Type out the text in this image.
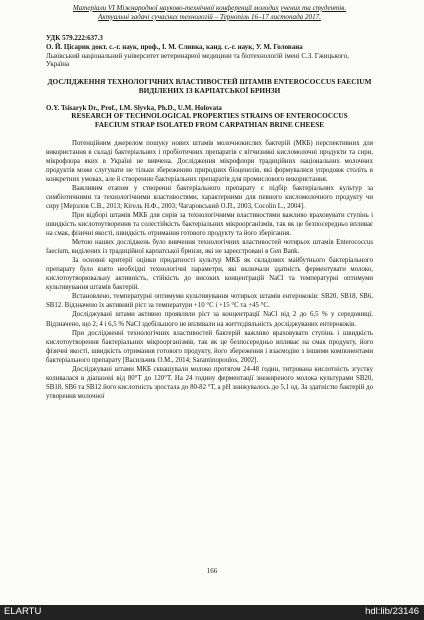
Матеріали VI Міжнародної науково-технічної конференції молодих учених та студентів.
Актуальні задачі сучасних технологій – Тернопіль 16–17 листопада 2017.
УДК 579.222:637.3
О. Й. Цісарик докт. с.-г. наук, проф., І. М. Сливка, канд. с.-г. наук, У. М. Голована
Львівський національний університет ветеринарної медицини та біотехнологій імені С.З. Гжицького, Україна
ДОСЛІДЖЕННЯ ТЕХНОЛОГІЧНИХ ВЛАСТИВОСТЕЙ ШТАМІВ ENTEROCOCCUS FAECIUM ВИДІЛЕНИХ ІЗ КАРПАТСЬКОЇ БРИНЗИ
O.Y. Tsisaryk Dr., Prof., I.M. Slyvka, Ph.D., U.M. Holovata
RESEARCH OF TECHNOLOGICAL PROPERTIES STRAINS OF ENTEROCOCCUS FAECIUM STRAP ISOLATED FROM CARPATHIAN BRINE CHEESE

Потенційним джерелом пошуку нових штамів молочнокислих бактерій (МКБ) перспективних для використання в складі бактеріальних і пробіотичних препаратів є вітчизняні кисломолочні продукти та сири, мікрофлора яких в Україні не вивчена. Дослідження мікрофлори традиційних національних молочних продуктів може слугувати не тільки збереженню природних біоценозів, які формувалися упродовж століть в конкретних умовах, але й створенню бактеріальних препаратів для промислового використання.

Важливим етапом у створенні бактеріального препарату є підбір бактеріальних культур за симбіотичними та технологічними властивостями, характерними для певного кисломолочного продукту чи сиру [Мерзлов С.В., 2013; Кігель Н.Ф., 2003; Чагаровський О.П., 2003, Cocolin L., 2004].

При відборі штамів МКБ для сирів за технологічними властивостями важливо враховувати ступінь і швидкість кислотоутворення та солестійкість бактеріальних мікроорганізмів, так як це безпосередньо впливає на смак, фізичні якості, швидкість отримання готового продукту та його зберігання.

Метою наших досліджень було вивчення технологічних властивостей чотирьох штамів Enterococcus faecium, виділених із традиційної карпатської бринзи, які не зареєстровані в Gen Bank.

За основні критерії оцінки придатності культур МКБ як складових майбутнього бактеріального препарату було взято необхідні технологічні параметри, які включали здатність ферментувати молоко, кислотоутворювальну активність, стійкість до високих концентрацій NaCl та температурні оптимуми культивування штамів бактерій.

Встановлено, температурні оптимуми культивування чотирьох штамів ентерококів: SB20, SB18, SB6, SB12. Відзначено їх активний ріст за температури +10 °С і +15 °С та +45 °С.

Досліджувані штами активно проявляли ріст за концентрації NaCl від 2 до 6,5 % у середовищі. Відзначено, що 2, 4 і 6,5 % NaCl здебільшого не впливали на життєдіяльність досліджуваних ентерококів.

При дослідженні технологічних властивостей бактерій важливо враховувати ступінь і швидкість кислотоутворення бактеріальних мікроорганізмів, так як це безпосередньо впливає на смак продукту, його фізичні якості, швидкість отримання готового продукту, його збереження і взаємодію з іншими компонентами бактеріального препарату [Васильчик О.М., 2014; Sarantinopoulos, 2002].

Досліджувані штами МКБ сквашували молоко протягом 24-48 годин, титрована кислотність згустку коливалася в діапазоні від 80°Т до 120°Т. На 24 годину ферментації знежиреного молока культурами SB20, SB18, SB6 та SB12 його кислотність зростала до 80-82 °Т, а pH знижувалось до 5,1 од. За здатністю бактерій до утворення молочної

166
ELARTU	hdl:lib/23146
